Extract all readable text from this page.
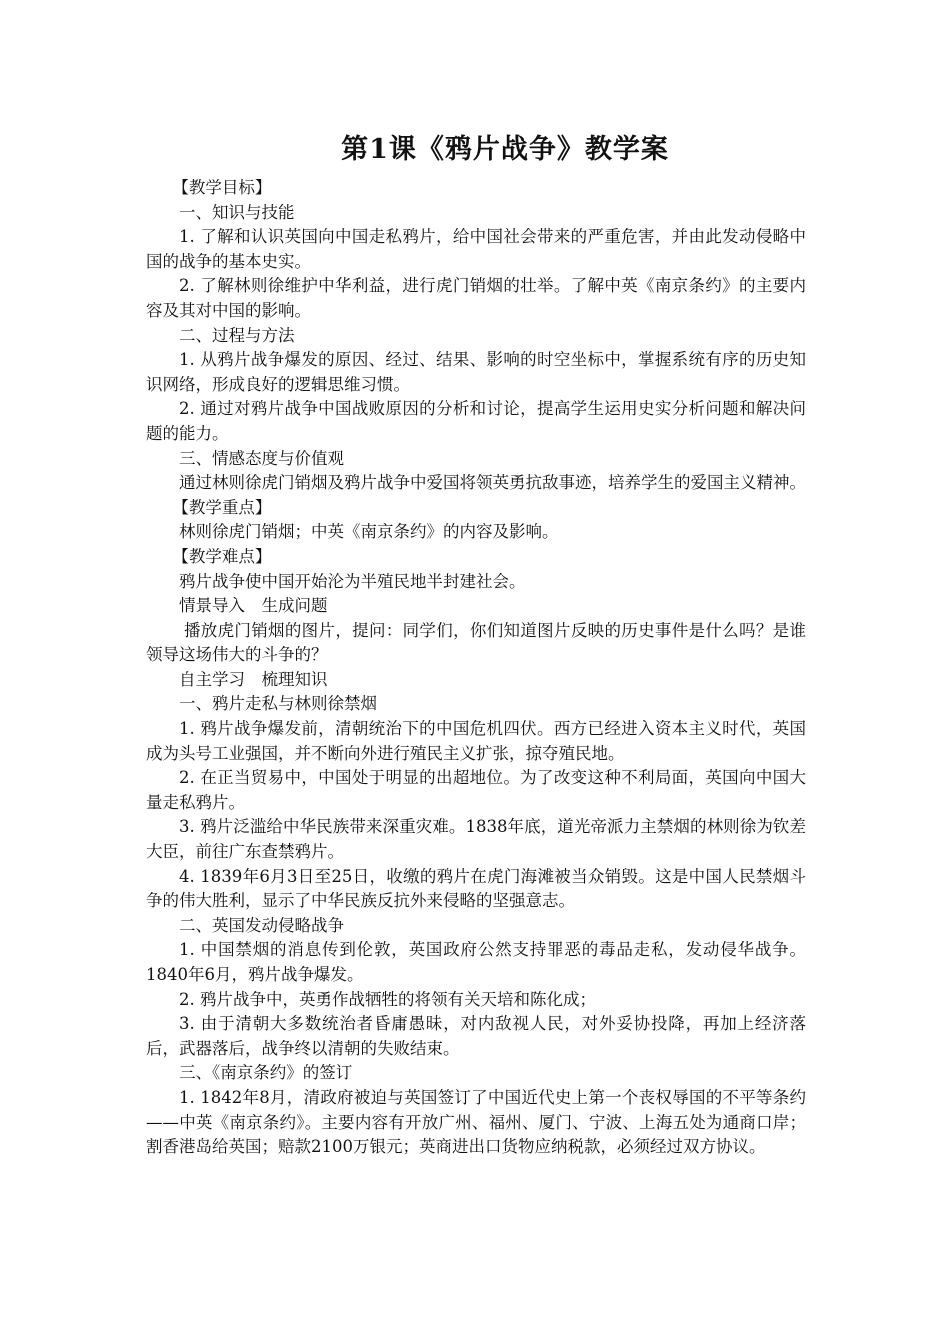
第1课《鸦片战争》教学案

【教学目标】

一、知识与技能

1. 了解和认识英国向中国走私鸦片，给中国社会带来的严重危害，并由此发动侵略中国的战争的基本史实。

2. 了解林则徐维护中华利益，进行虎门销烟的壮举。了解中英《南京条约》的主要内容及其对中国的影响。

二、过程与方法

1. 从鸦片战争爆发的原因、经过、结果、影响的时空坐标中，掌握系统有序的历史知识网络，形成良好的逻辑思维习惯。

2. 通过对鸦片战争中国战败原因的分析和讨论，提高学生运用史实分析问题和解决问题的能力。

三、情感态度与价值观

通过林则徐虎门销烟及鸦片战争中爱国将领英勇抗敌事迹，培养学生的爱国主义精神。

【教学重点】

林则徐虎门销烟；中英《南京条约》的内容及影响。

【教学难点】

鸦片战争使中国开始沦为半殖民地半封建社会。

情景导入　生成问题

播放虎门销烟的图片，提问：同学们，你们知道图片反映的历史事件是什么吗？是谁领导这场伟大的斗争的？

自主学习　梳理知识

一、鸦片走私与林则徐禁烟

1. 鸦片战争爆发前，清朝统治下的中国危机四伏。西方已经进入资本主义时代，英国成为头号工业强国，并不断向外进行殖民主义扩张，掠夺殖民地。

2. 在正当贸易中，中国处于明显的出超地位。为了改变这种不利局面，英国向中国大量走私鸦片。

3. 鸦片泛滥给中华民族带来深重灾难。1838年底，道光帝派力主禁烟的林则徐为钦差大臣，前往广东查禁鸦片。

4. 1839年6月3日至25日，收缴的鸦片在虎门海滩被当众销毁。这是中国人民禁烟斗争的伟大胜利，显示了中华民族反抗外来侵略的坚强意志。

二、英国发动侵略战争

1. 中国禁烟的消息传到伦敦，英国政府公然支持罪恶的毒品走私，发动侵华战争。1840年6月，鸦片战争爆发。

2. 鸦片战争中，英勇作战牺牲的将领有关天培和陈化成；

3. 由于清朝大多数统治者昏庸愚昧，对内敌视人民，对外妥协投降，再加上经济落后，武器落后，战争终以清朝的失败结束。

三、《南京条约》的签订

1. 1842年8月，清政府被迫与英国签订了中国近代史上第一个丧权辱国的不平等条约——中英《南京条约》。主要内容有开放广州、福州、厦门、宁波、上海五处为通商口岸；割香港岛给英国；赔款2100万银元；英商进出口货物应纳税款，必须经过双方协议。
